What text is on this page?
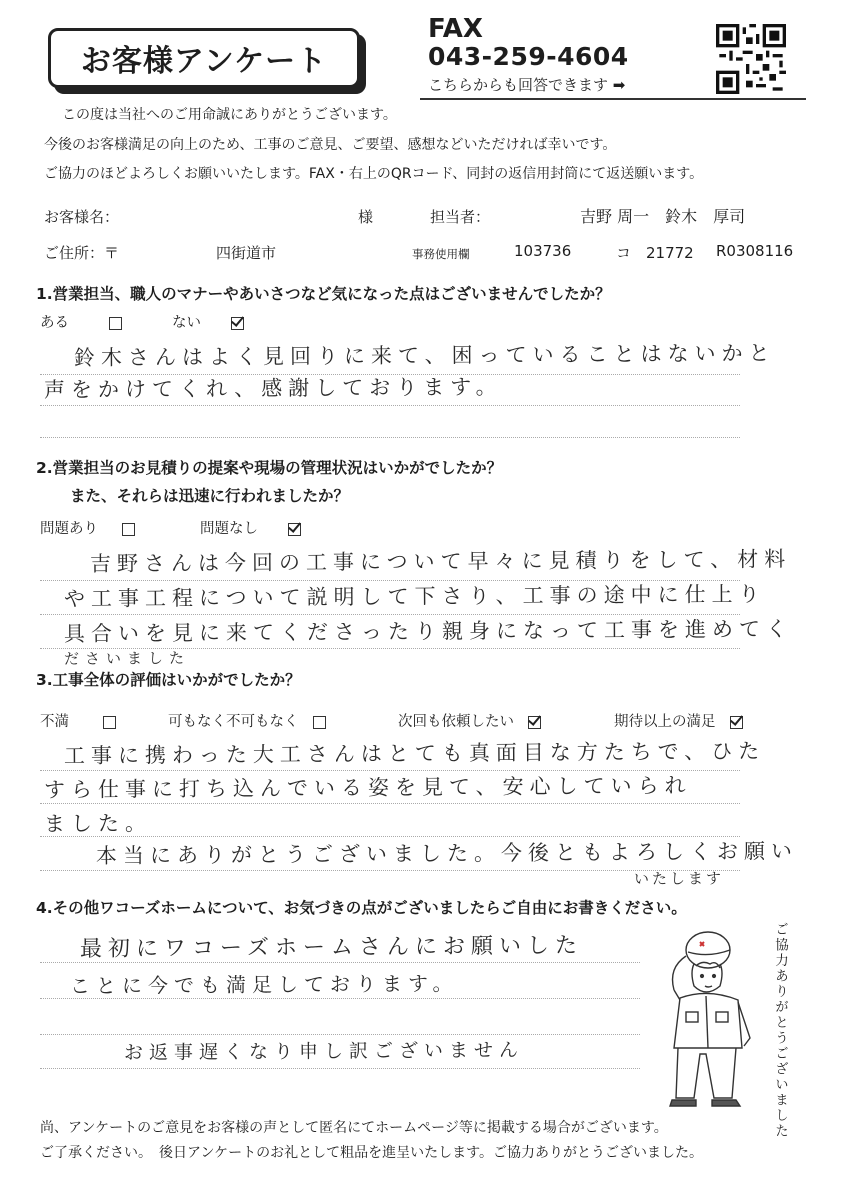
お客様アンケート
FAX
043-259-4604
こちらからも回答できます ➡
この度は当社へのご用命誠にありがとうございます。
今後のお客様満足の向上のため、工事のご意見、ご要望、感想などいただければ幸いです。
ご協力のほどよろしくお願いいたします。FAX・右上のQRコード、同封の返信用封筒にて返送願います。
お客様名：	様	担当者：	吉野 周一　鈴木　厚司
ご住所：〒	四街道市	事務使用欄	103736	コ　21772 R0308116
1.営業担当、職人のマナーやあいさつなど気になった点はございませんでしたか？
ある	ない
鈴木さんはよく見回りに来て、困っていることはないかと
声をかけてくれ、感謝しております。
2.営業担当のお見積りの提案や現場の管理状況はいかがでしたか？
また、それらは迅速に行われましたか？
問題あり	問題なし
吉野さんは今回の工事について早々に見積りをして、材料
や工事工程について説明して下さり、工事の途中に仕上り
具合いを見に来てくださったり親身になって工事を進めてく
ださいました
3.工事全体の評価はいかがでしたか？
不満	可もなく不可もなく	次回も依頼したい	期待以上の満足
工事に携わった大工さんはとても真面目な方たちで、ひた
すら仕事に打ち込んでいる姿を見て、安心していられ
ました。
本当にありがとうございました。今後ともよろしくお願い
いたします
4.その他ワコーズホームについて、お気づきの点がございましたらご自由にお書きください。
最初にワコーズホームさんにお願いした
ことに今でも満足しております。
お返事遅くなり申し訳ございません	ご協力ありがとうございました
尚、アンケートのご意見をお客様の声として匿名にてホームページ等に掲載する場合がございます。
ご了承ください。　後日アンケートのお礼として粗品を進呈いたします。ご協力ありがとうございました。
